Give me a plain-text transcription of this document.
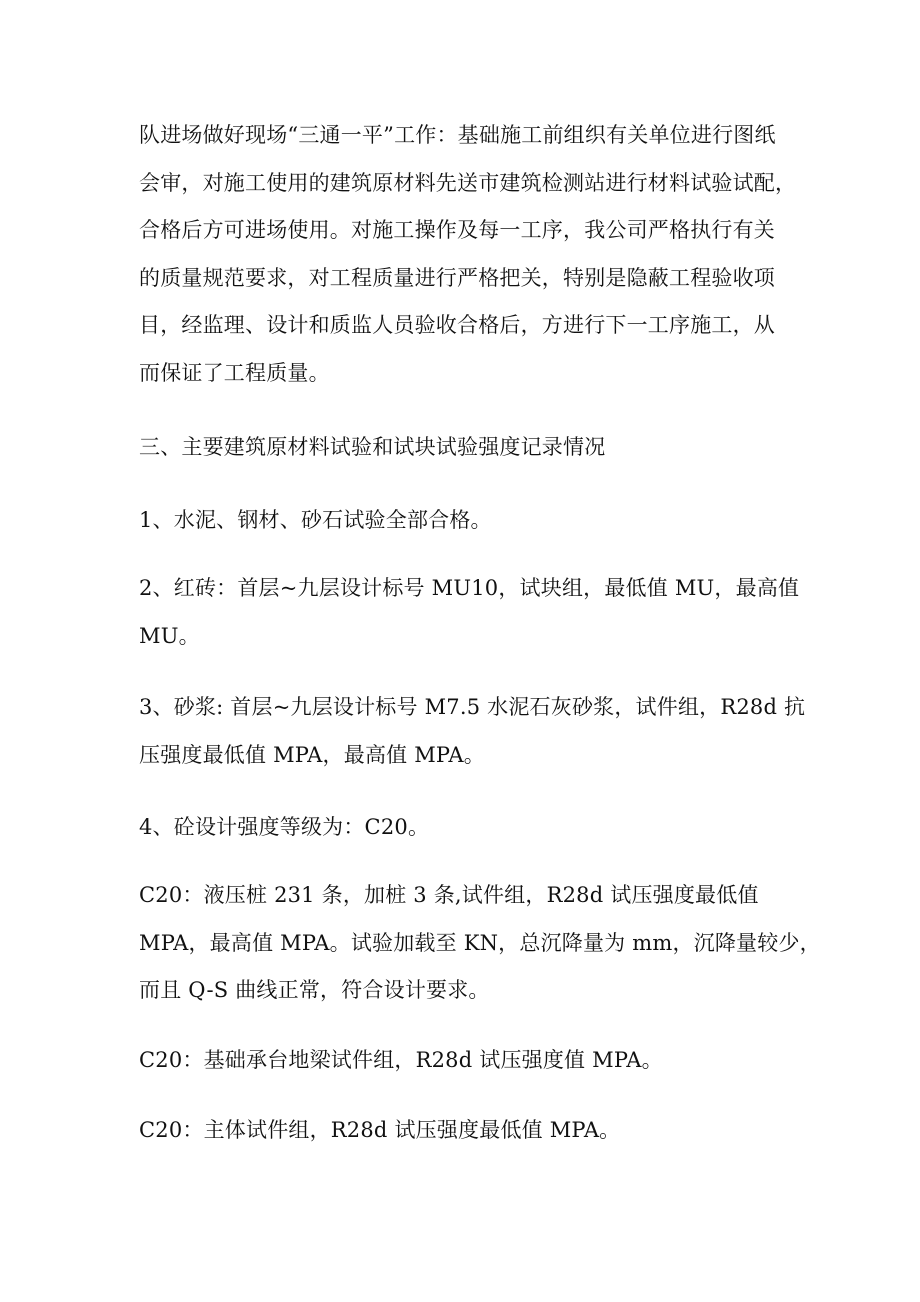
队进场做好现场“三通一平”工作：基础施工前组织有关单位进行图纸

会审，对施工使用的建筑原材料先送市建筑检测站进行材料试验试配，

合格后方可进场使用。对施工操作及每一工序，我公司严格执行有关

的质量规范要求，对工程质量进行严格把关，特别是隐蔽工程验收项

目，经监理、设计和质监人员验收合格后，方进行下一工序施工，从

而保证了工程质量。

三、主要建筑原材料试验和试块试验强度记录情况

1、水泥、钢材、砂石试验全部合格。

2、红砖：首层~九层设计标号 MU10，试块组，最低值 MU，最高值

MU。

3、砂浆: 首层~九层设计标号 M7.5 水泥石灰砂浆，试件组，R28d 抗

压强度最低值 MPA，最高值 MPA。

4、砼设计强度等级为：C20。

C20：液压桩 231 条，加桩 3 条,试件组，R28d 试压强度最低值

MPA，最高值 MPA。试验加载至 KN，总沉降量为 mm，沉降量较少，

而且 Q-S 曲线正常，符合设计要求。

C20：基础承台地梁试件组，R28d 试压强度值 MPA。

C20：主体试件组，R28d 试压强度最低值 MPA。
